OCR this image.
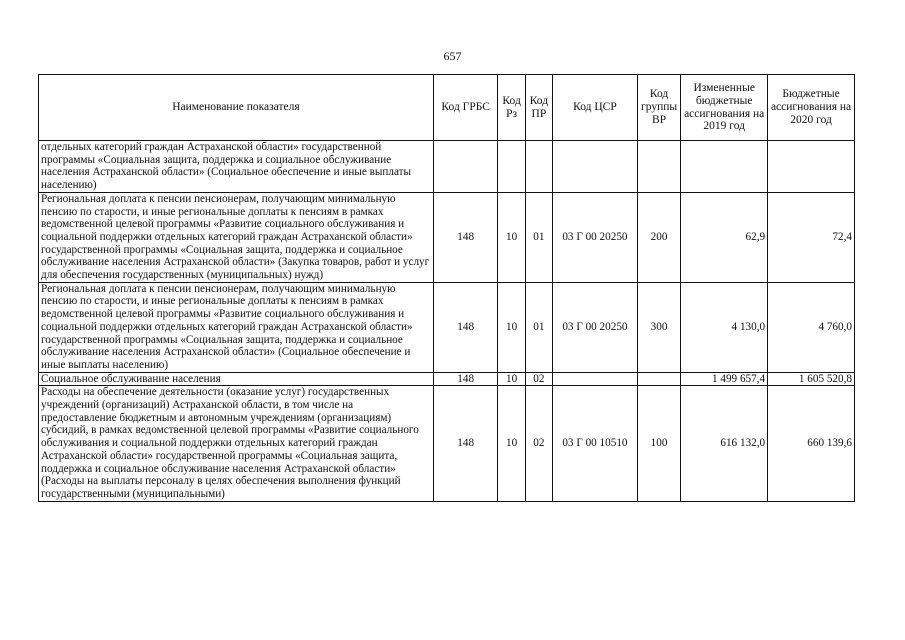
657
Наименование показателя	Код ГРБС	Код Рз	Код ПР	Код ЦСР	Код группы ВР	Измененные бюджетные ассигнования на 2019 год	Бюджетные ассигнования на 2020 год
отдельных категорий граждан Астраханской области» государственной программы «Социальная защита, поддержка и социальное обслуживание населения Астраханской области» (Социальное обеспечение и иные выплаты населению)							
Региональная доплата к пенсии пенсионерам, получающим минимальную пенсию по старости, и иные региональные доплаты к пенсиям в рамках ведомственной целевой программы «Развитие социального обслуживания и социальной поддержки отдельных категорий граждан Астраханской области» государственной программы «Социальная защита, поддержка и социальное обслуживание населения Астраханской области» (Закупка товаров, работ и услуг для обеспечения государственных (муниципальных) нужд)	148	10	01	03 Г 00 20250	200	62,9	72,4
Региональная доплата к пенсии пенсионерам, получающим минимальную пенсию по старости, и иные региональные доплаты к пенсиям в рамках ведомственной целевой программы «Развитие социального обслуживания и социальной поддержки отдельных категорий граждан Астраханской области» государственной программы «Социальная защита, поддержка и социальное обслуживание населения Астраханской области» (Социальное обеспечение и иные выплаты населению)	148	10	01	03 Г 00 20250	300	4 130,0	4 760,0
Социальное обслуживание населения	148	10	02			1 499 657,4	1 605 520,8
Расходы на обеспечение деятельности (оказание услуг) государственных учреждений (организаций) Астраханской области, в том числе на предоставление бюджетным и автономным учреждениям (организациям) субсидий, в рамках ведомственной целевой программы «Развитие социального обслуживания и социальной поддержки отдельных категорий граждан Астраханской области» государственной программы «Социальная защита, поддержка и социальное обслуживание населения Астраханской области» (Расходы на выплаты персоналу в целях обеспечения выполнения функций государственными (муниципальными)	148	10	02	03 Г 00 10510	100	616 132,0	660 139,6
